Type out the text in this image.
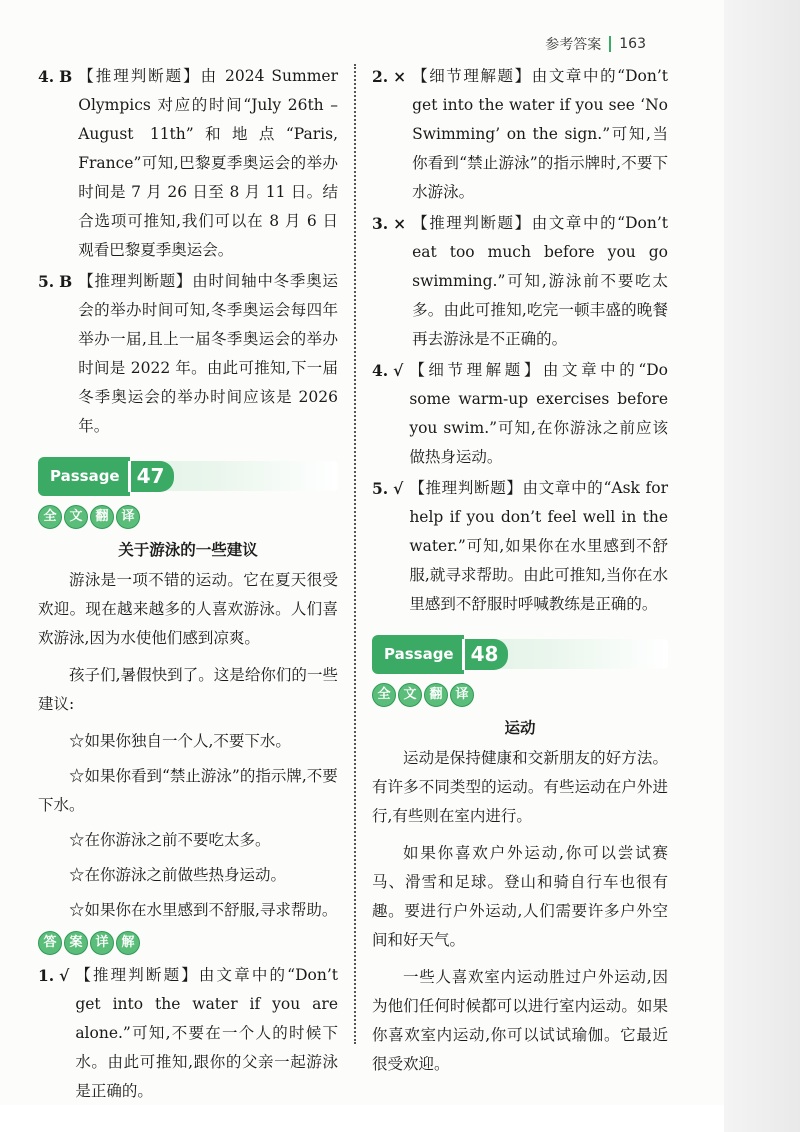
参考答案 163
4. B 【推理判断题】由 2024 Summer Olympics 对应的时间“July 26th – August 11th”和地点“Paris, France”可知,巴黎夏季奥运会的举办时间是 7 月 26 日至 8 月 11 日。结合选项可推知,我们可以在 8 月 6 日观看巴黎夏季奥运会。
5. B 【推理判断题】由时间轴中冬季奥运会的举办时间可知,冬季奥运会每四年举办一届,且上一届冬季奥运会的举办时间是 2022 年。由此可推知,下一届冬季奥运会的举办时间应该是 2026 年。
Passage 47
全 文 翻 译
关于游泳的一些建议

游泳是一项不错的运动。它在夏天很受欢迎。现在越来越多的人喜欢游泳。人们喜欢游泳,因为水使他们感到凉爽。

孩子们,暑假快到了。这是给你们的一些建议:

☆如果你独自一个人,不要下水。

☆如果你看到“禁止游泳”的指示牌,不要下水。

☆在你游泳之前不要吃太多。

☆在你游泳之前做些热身运动。

☆如果你在水里感到不舒服,寻求帮助。

答 案 详 解
1. √ 【推理判断题】由文章中的“Don’t get into the water if you are alone.”可知,不要在一个人的时候下水。由此可推知,跟你的父亲一起游泳是正确的。
2. × 【细节理解题】由文章中的“Don’t get into the water if you see ‘No Swimming’ on the sign.”可知,当你看到“禁止游泳”的指示牌时,不要下水游泳。
3. × 【推理判断题】由文章中的“Don’t eat too much before you go swimming.”可知,游泳前不要吃太多。由此可推知,吃完一顿丰盛的晚餐再去游泳是不正确的。
4. √ 【细节理解题】由文章中的“Do some warm-up exercises before you swim.”可知,在你游泳之前应该做热身运动。
5. √ 【推理判断题】由文章中的“Ask for help if you don’t feel well in the water.”可知,如果你在水里感到不舒服,就寻求帮助。由此可推知,当你在水里感到不舒服时呼喊教练是正确的。
Passage 48
全 文 翻 译
运动

运动是保持健康和交新朋友的好方法。有许多不同类型的运动。有些运动在户外进行,有些则在室内进行。

如果你喜欢户外运动,你可以尝试赛马、滑雪和足球。登山和骑自行车也很有趣。要进行户外运动,人们需要许多户外空间和好天气。

一些人喜欢室内运动胜过户外运动,因为他们任何时候都可以进行室内运动。如果你喜欢室内运动,你可以试试瑜伽。它最近很受欢迎。
